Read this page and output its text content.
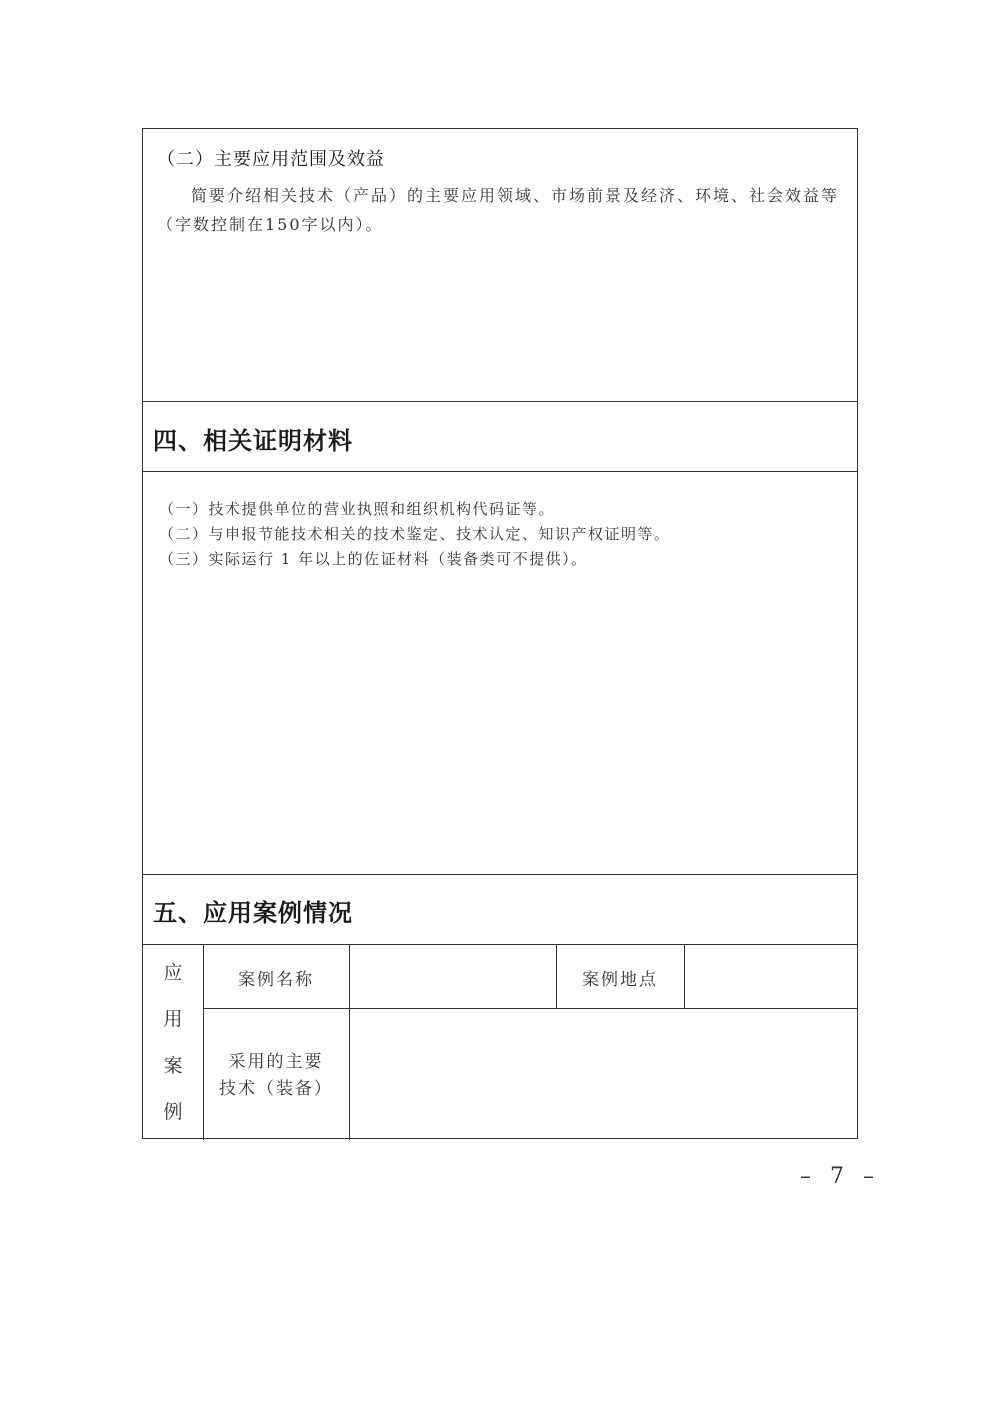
（二）主要应用范围及效益
简要介绍相关技术（产品）的主要应用领域、市场前景及经济、环境、社会效益等（字数控制在150字以内）。
四、相关证明材料
（一）技术提供单位的营业执照和组织机构代码证等。
（二）与申报节能技术相关的技术鉴定、技术认定、知识产权证明等。
（三）实际运行 1 年以上的佐证材料（装备类可不提供）。
五、应用案例情况
应
用
案
例
案例名称	案例地点
采用的主要
技术（装备）
– 7 –
